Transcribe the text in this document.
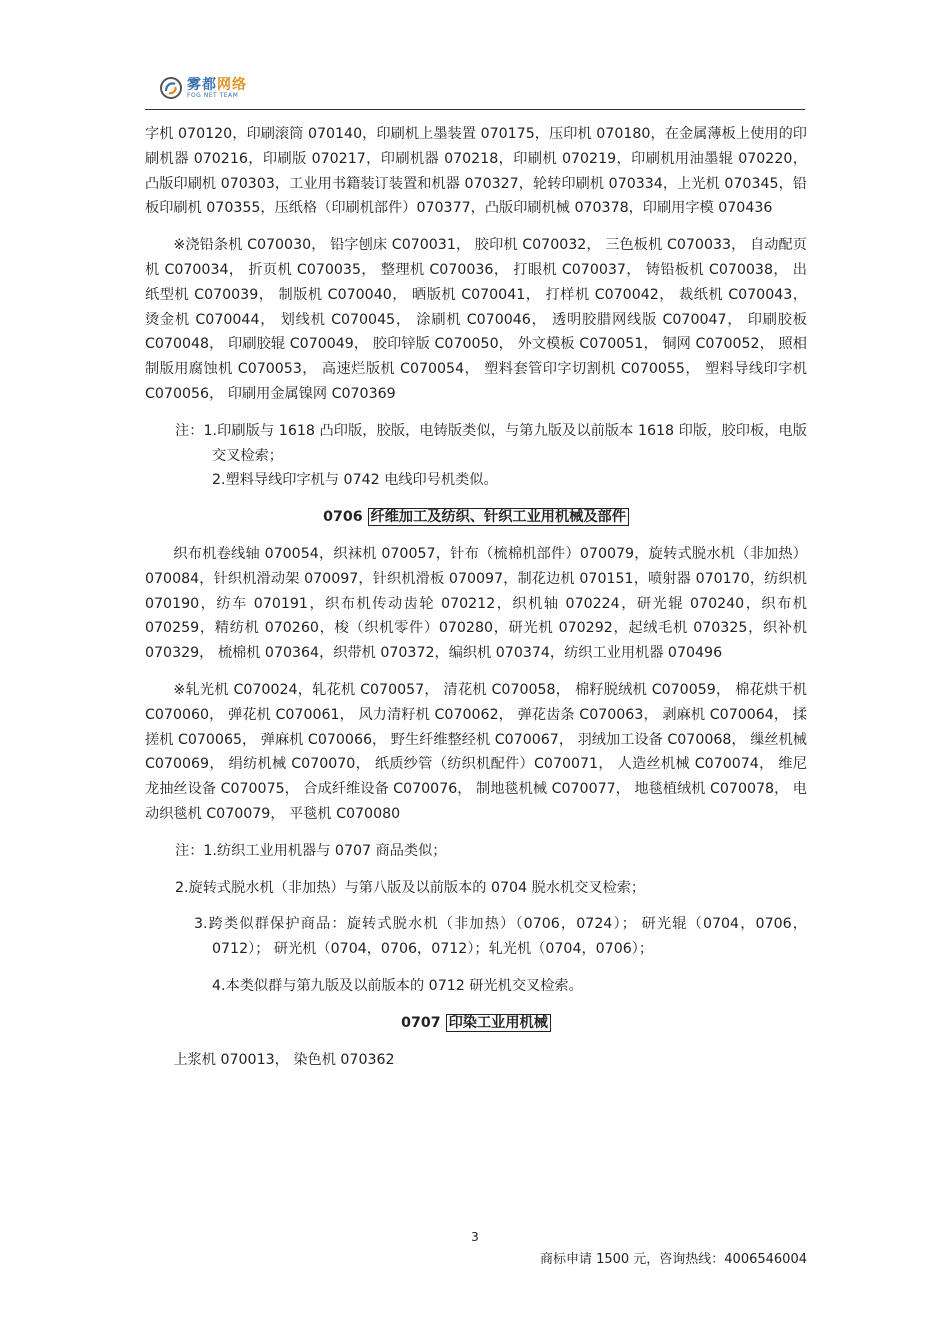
雾都网络
FOG NET TEAM

字机 070120，印刷滚筒 070140，印刷机上墨装置 070175，压印机 070180，在金属薄板上使用的印刷机器 070216，印刷版 070217，印刷机器 070218，印刷机 070219，印刷机用油墨辊 070220，凸版印刷机 070303，工业用书籍装订装置和机器 070327，轮转印刷机 070334，上光机 070345，铅板印刷机 070355，压纸格（印刷机部件）070377，凸版印刷机械 070378，印刷用字模 070436

※浇铅条机 C070030， 铅字刨床 C070031， 胶印机 C070032， 三色板机 C070033， 自动配页机 C070034， 折页机 C070035， 整理机 C070036， 打眼机 C070037， 铸铅板机 C070038， 出纸型机 C070039， 制版机 C070040， 晒版机 C070041， 打样机 C070042， 裁纸机 C070043， 烫金机 C070044， 划线机 C070045， 涂刷机 C070046， 透明胶腊网线版 C070047， 印刷胶板 C070048， 印刷胶辊 C070049， 胶印锌版 C070050， 外文模板 C070051， 铜网 C070052， 照相制版用腐蚀机 C070053， 高速烂版机 C070054， 塑料套管印字切割机 C070055， 塑料导线印字机 C070056， 印刷用金属镍网 C070369

注：1.印刷版与 1618 凸印版，胶版，电铸版类似，与第九版及以前版本 1618 印版，胶印板，电版交叉检索；

2.塑料导线印字机与 0742 电线印号机类似。

0706 纤维加工及纺织、针织工业用机械及部件

织布机卷线轴 070054，织袜机 070057，针布（梳棉机部件）070079，旋转式脱水机（非加热）070084，针织机滑动架 070097，针织机滑板 070097，制花边机 070151，喷射器 070170，纺织机 070190，纺车 070191，织布机传动齿轮 070212，织机轴 070224，研光辊 070240，织布机 070259，精纺机 070260，梭（织机零件）070280，研光机 070292，起绒毛机 070325，织补机 070329， 梳棉机 070364，织带机 070372，编织机 070374，纺织工业用机器 070496

※轧光机 C070024，轧花机 C070057， 清花机 C070058， 棉籽脱绒机 C070059， 棉花烘干机 C070060， 弹花机 C070061， 风力清籽机 C070062， 弹花齿条 C070063， 剥麻机 C070064， 揉搓机 C070065， 弹麻机 C070066， 野生纤维整经机 C070067， 羽绒加工设备 C070068， 缫丝机械 C070069， 绢纺机械 C070070， 纸质纱管（纺织机配件）C070071， 人造丝机械 C070074， 维尼龙抽丝设备 C070075， 合成纤维设备 C070076， 制地毯机械 C070077， 地毯植绒机 C070078， 电动织毯机 C070079， 平毯机 C070080

注：1.纺织工业用机器与 0707 商品类似；

2.旋转式脱水机（非加热）与第八版及以前版本的 0704 脱水机交叉检索；

3.跨类似群保护商品：旋转式脱水机（非加热）（0706，0724）； 研光辊（0704，0706，0712）； 研光机（0704，0706，0712）；轧光机（0704，0706）；

4.本类似群与第九版及以前版本的 0712 研光机交叉检索。

0707 印染工业用机械

上浆机 070013， 染色机 070362

3
商标申请 1500 元，咨询热线：4006546004
